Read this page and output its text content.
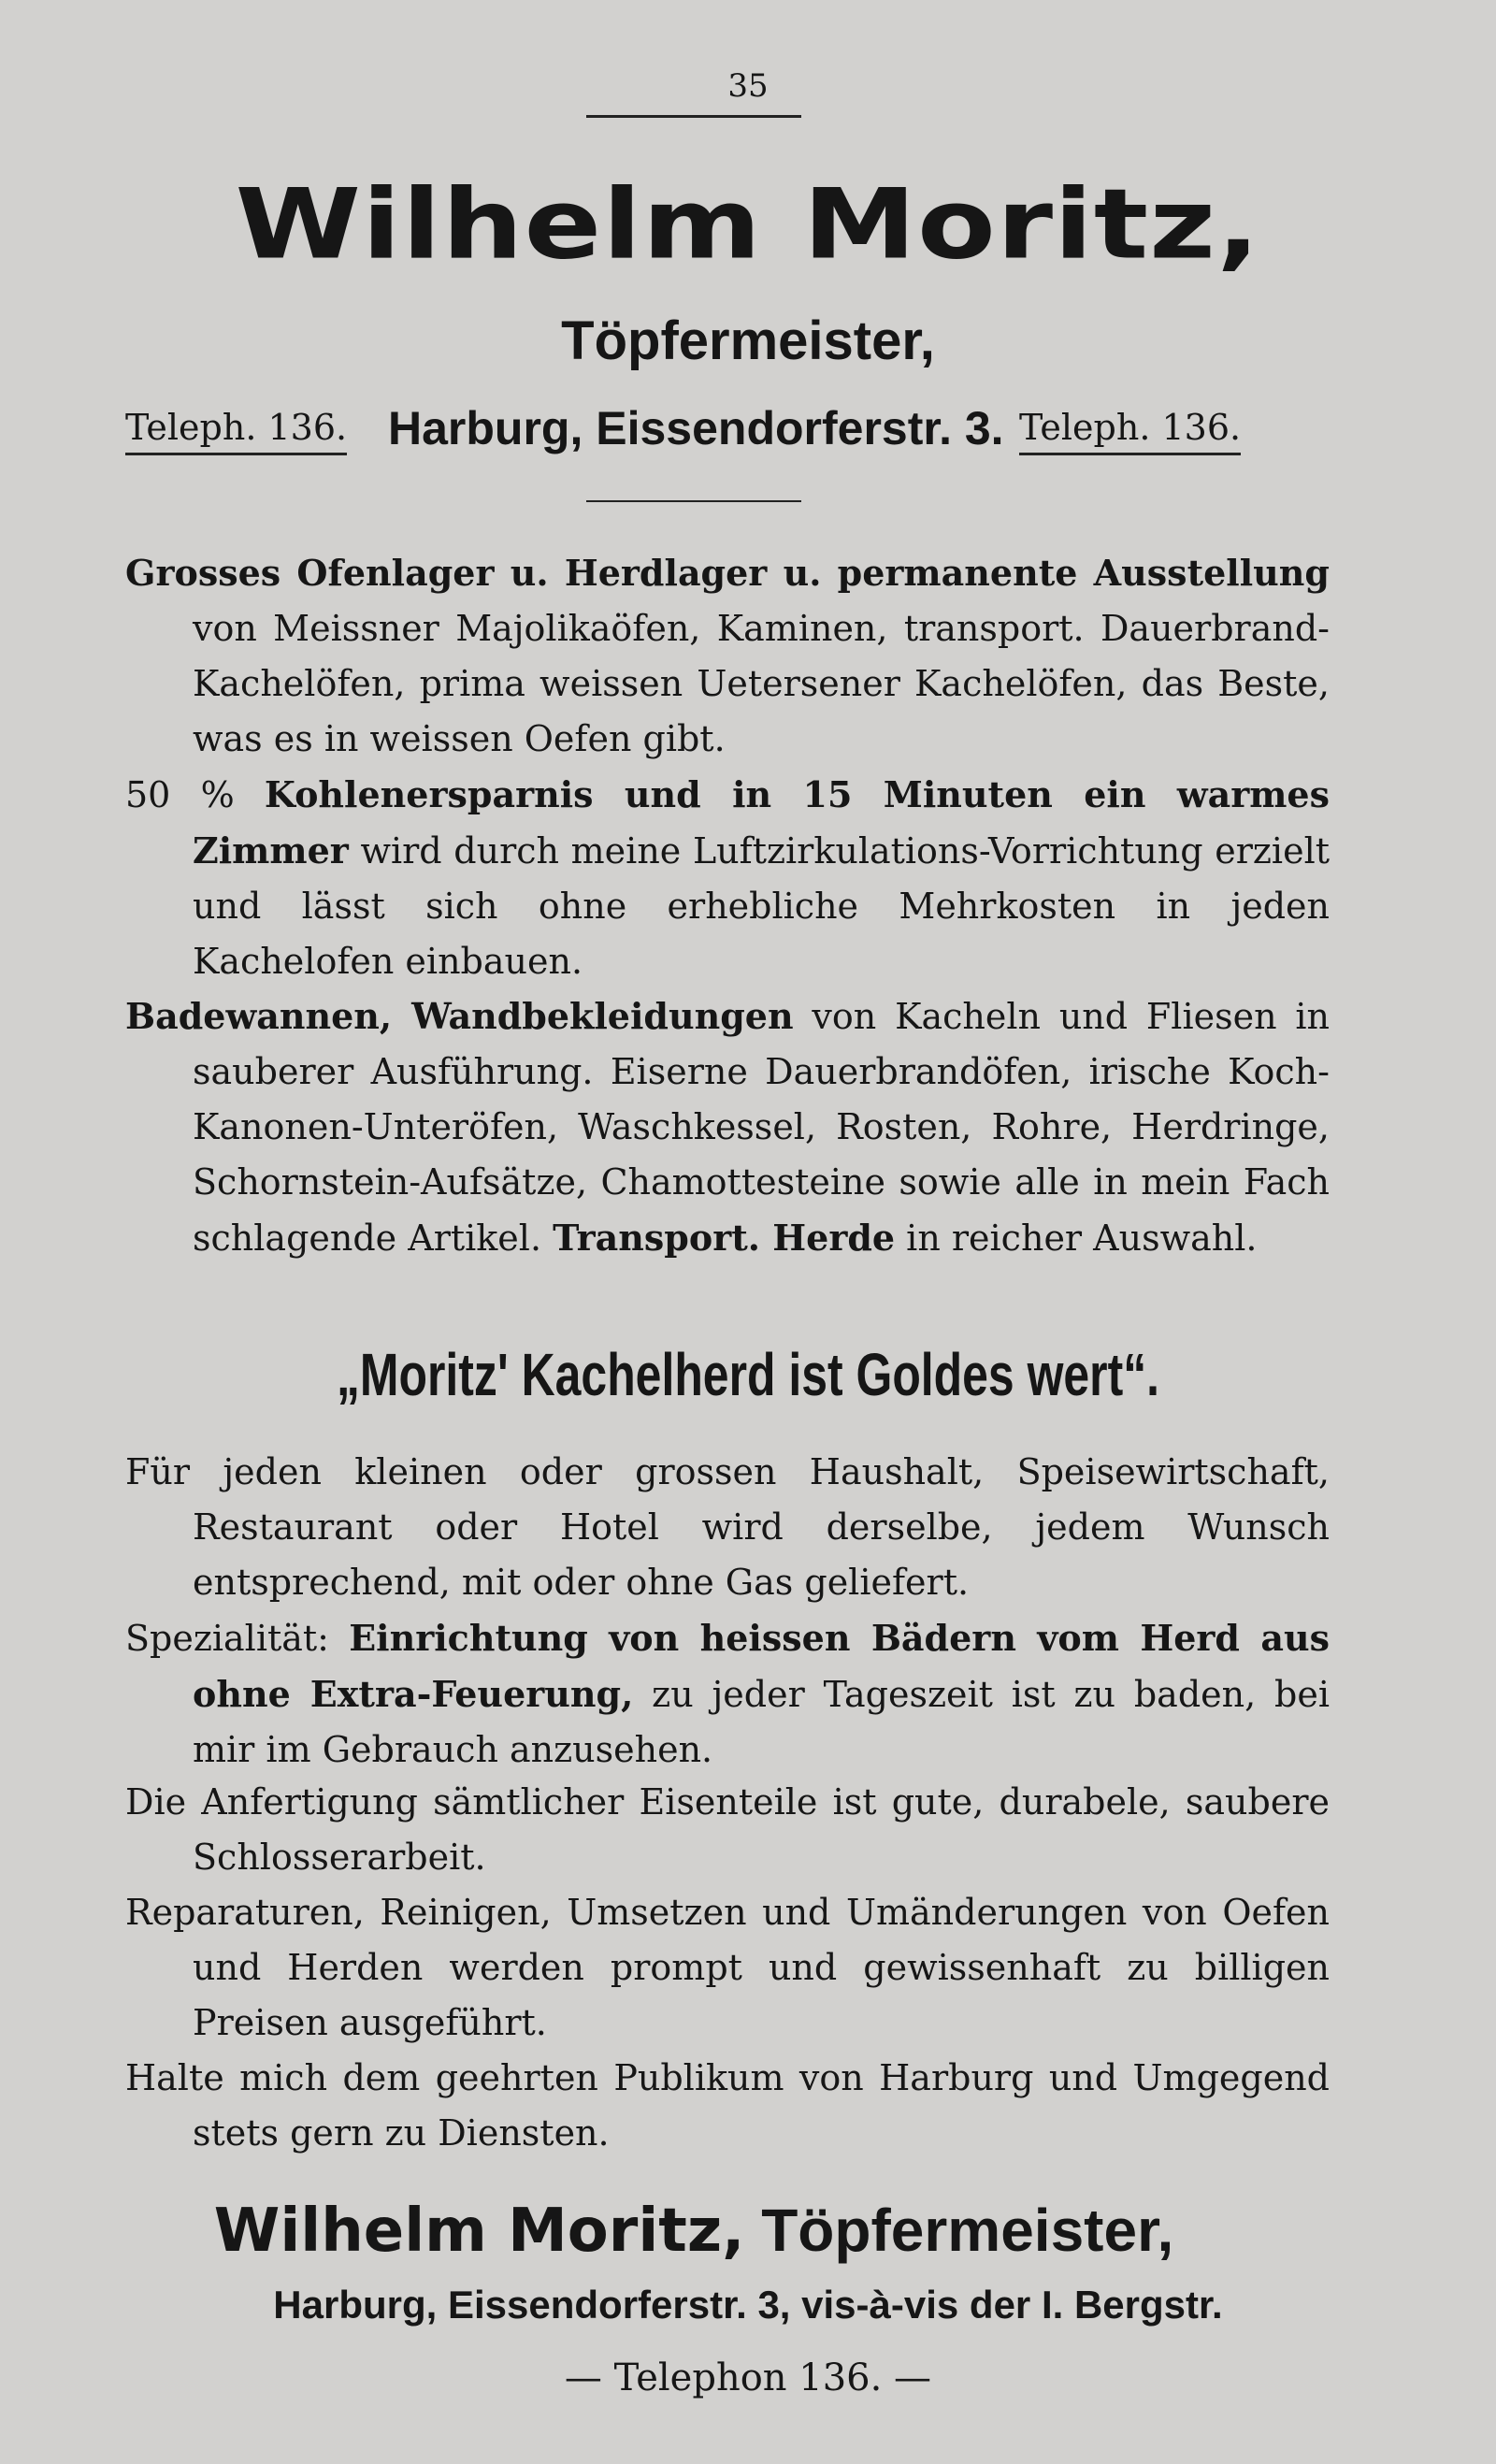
35
Wilhelm Moritz,
Töpfermeister,
Teleph. 136. Harburg, Eissendorferstr. 3. Teleph. 136.

Grosses Ofenlager u. Herdlager u. permanente Ausstellung von Meissner Majolikaöfen, Kaminen, transport. Dauerbrand-Kachelöfen, prima weissen Uetersener Kachelöfen, das Beste, was es in weissen Oefen gibt.

50 % Kohlenersparnis und in 15 Minuten ein warmes Zimmer wird durch meine Luftzirkulations-Vorrichtung erzielt und lässt sich ohne erhebliche Mehrkosten in jeden Kachelofen einbauen.

Badewannen, Wandbekleidungen von Kacheln und Fliesen in sauberer Ausführung. Eiserne Dauerbrandöfen, irische Koch-Kanonen-Unteröfen, Waschkessel, Rosten, Rohre, Herdringe, Schornstein-Aufsätze, Chamottesteine sowie alle in mein Fach schlagende Artikel. Transport. Herde in reicher Auswahl.

„Moritz' Kachelherd ist Goldes wert“.

Für jeden kleinen oder grossen Haushalt, Speisewirtschaft, Restaurant oder Hotel wird derselbe, jedem Wunsch entsprechend, mit oder ohne Gas geliefert.

Spezialität: Einrichtung von heissen Bädern vom Herd aus ohne Extra-Feuerung, zu jeder Tageszeit ist zu baden, bei mir im Gebrauch anzusehen.

Die Anfertigung sämtlicher Eisenteile ist gute, durabele, saubere Schlosserarbeit.

Reparaturen, Reinigen, Umsetzen und Umänderungen von Oefen und Herden werden prompt und gewissenhaft zu billigen Preisen ausgeführt.

Halte mich dem geehrten Publikum von Harburg und Umgegend stets gern zu Diensten.

Wilhelm Moritz, Töpfermeister,
Harburg, Eissendorferstr. 3, vis-à-vis der I. Bergstr.
— Telephon 136. —
